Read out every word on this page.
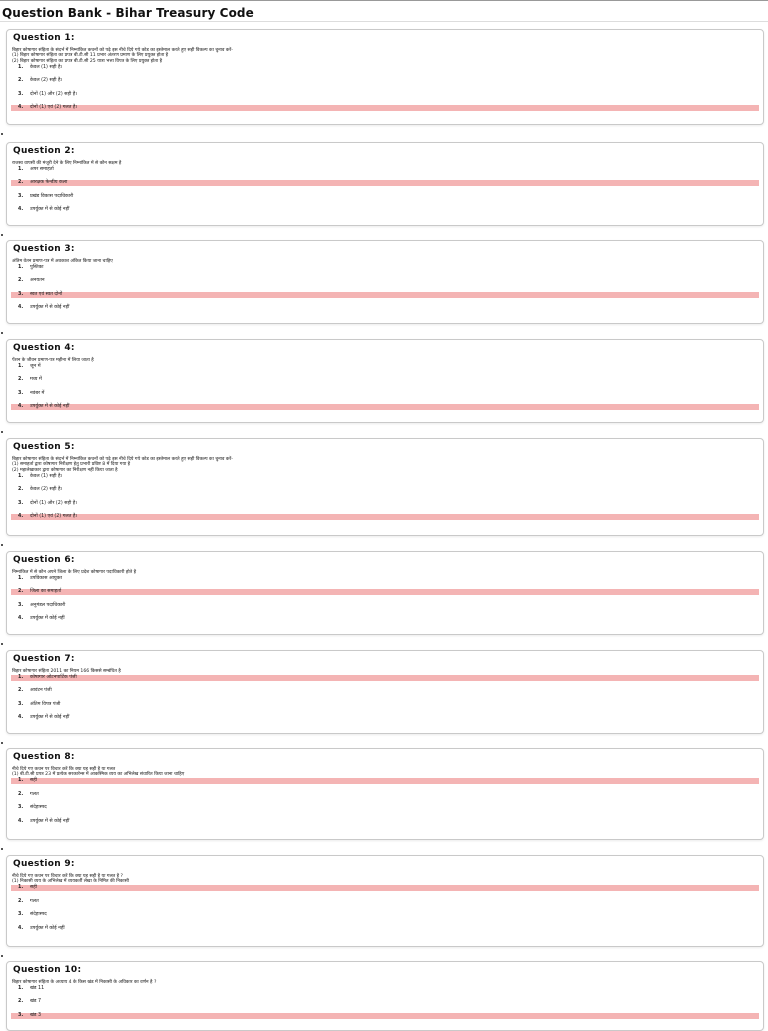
Question Bank - Bihar Treasury Code
Question 1:
बिहार कोषागार संहिता के संदर्भ में निम्नांकित कथनों को पढ़े इस नीचे दिये गये कोड का इस्तेमाल करते हुए सही विकल्प का चुनाव करें-
(1) बिहार कोषागार संहिता का प्रपत्र बी.टी.सी 11 प्रभार अंतरण प्रमाण के लिए प्रयुक्त होता है
(2) बिहार कोषागार संहिता का प्रपत्र बी.टी.सी 25 यात्रा भत्ता विपत्र के लिए प्रयुक्त होता है
1. केवल (1) सही है।
2. केवल (2) सही है।
3. दोनों (1) और (2) सही है।
4. दोनों (1) एवं (2) गलत है।
Question 2:
राजस्व वापसी की मंजूरी देने के लिए निम्नांकित में से कौन सक्षम है
1. अपर समाहर्ता
2. आरक्षक फेन्डीय कला
3. प्रखंड विकास पदाधिकारी
4. उपर्युक्त में से कोई नहीं
Question 3:
अंतिम वेतन प्रमाण-पत्र में अवकाश अंकित किया जाना चाहिए
1. पुस्तिका
2. अनयतन
3. स्वत एवं स्वत दोनों
4. उपर्युक्त में से कोई नहीं
Question 4:
पेंशन के जीवन प्रमाण-पत्र महीना में लिया जाता है
1. जून में
2. मध्य में
3. नवंबर में
4. उपर्युक्त में से कोई नहीं
Question 5:
बिहार कोषागार संहिता के संदर्भ में निम्नांकित कथनों को पढ़े इस नीचे दिये गये कोड का इस्तेमाल करते हुए सही विकल्प का चुनाव करें-
(1) समाहर्ता द्वारा कोषागार निरीक्षण हेतु प्रभारी प्रविष्ट 8 में दिया गया है
(2) महालेखाकार द्वारा कोषागार का निरीक्षण नहीं किया जाता है
1. केवल (1) सही है।
2. केवल (2) सही है।
3. दोनों (1) और (2) सही है।
4. दोनों (1) एवं (2) गलत है।
Question 6:
निम्नांकित में से कौन अपने जिला के लिए प्रदेश कोषागार पदाधिकारी होते है
1. उपविकास आयुक्त
2. जिला का समाहर्ता
3. अनुमंडल पदाधिकारी
4. उपर्युक्त में कोई नहीं
Question 7:
बिहार कोषागार संहिता 2011 का नियम 166 किससे सम्बंधित है
1. कोषागार ओटनपार्टिक पंजी
2. आवंटन पंजी
3. अंतिम विपत्र पंजी
4. उपर्युक्त में से कोई नहीं
Question 8:
नीचे दिये गए कथन पर विचार करें कि क्या यह सही है या गलत
(1) बी.टी.सी प्रपत्र 23 में प्रत्येक सरकारेन्स में आकस्मिक व्यय का अभिलेख संधारित किया जाना चाहिए
1. सही
2. गलत
3. संदेहास्पद
4. उपर्युक्त में से कोई नहीं
Question 9:
नीचे दिये गए कथन पर विचार करें कि क्या यह सही है या गलत है ?
(1) निकासी व्यय के अभिलेख में व्ययकर्ती लेखा के निमित की निकासी
1. सही
2. गलत
3. संदेहास्पद
4. उपर्युक्त में कोई नहीं
Question 10:
बिहार कोषागार संहिता के अध्याय 4 के किस खंड में निकासी के अधिकार का वर्णन है ?
1. खंड 11
2. खंड 7
3. खंड 3
